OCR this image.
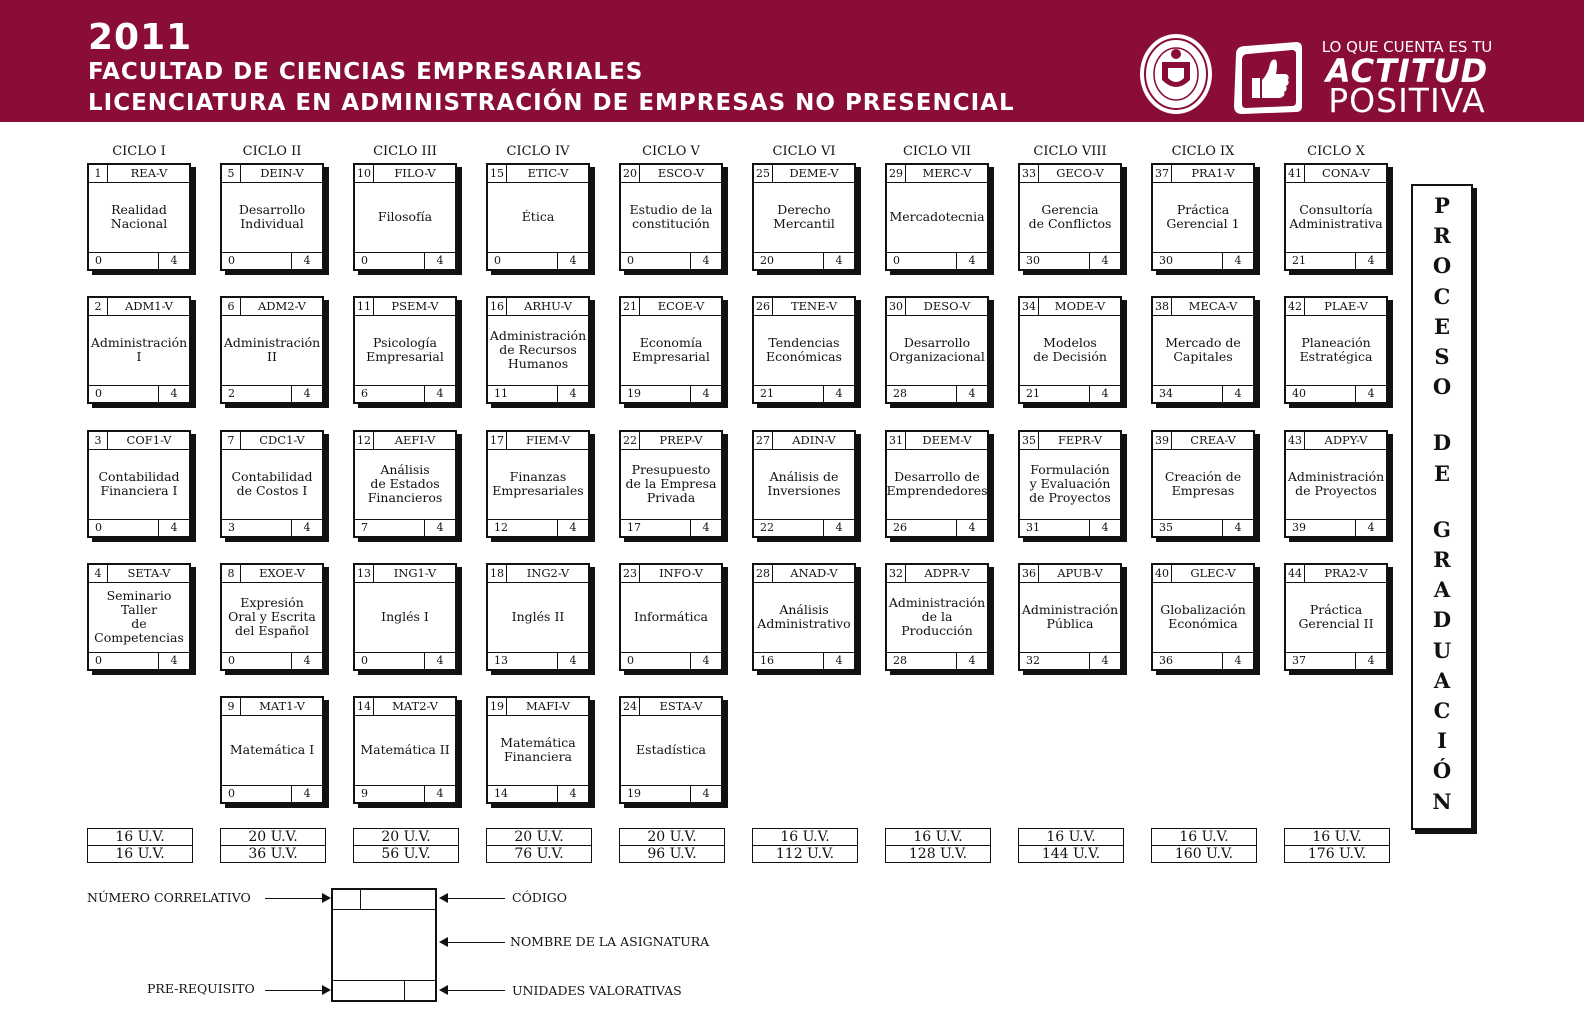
2011
FACULTAD DE CIENCIAS EMPRESARIALES
LICENCIATURA EN ADMINISTRACIÓN DE EMPRESAS NO PRESENCIAL
LO QUE CUENTA ES TU
ACTITUD
POSITIVA
CICLO I	CICLO II	CICLO III	CICLO IV	CICLO V	CICLO VI	CICLO VII	CICLO VIII	CICLO IX	CICLO X
1	REA-V
Realidad
Nacional
0	4
2	ADM1-V
Administración
I
0	4
3	COF1-V
Contabilidad
Financiera I
0	4
4	SETA-V
Seminario Taller
de Competencias
0	4
5	DEIN-V
Desarrollo
Individual
0	4
6	ADM2-V
Administración
II
2	4
7	CDC1-V
Contabilidad
de Costos I
3	4
8	EXOE-V
Expresión
Oral y Escrita
del Español
0	4
9	MAT1-V
Matemática I
0	4
10	FILO-V
Filosofía
0	4
11	PSEM-V
Psicología
Empresarial
6	4
12	AEFI-V
Análisis
de Estados
Financieros
7	4
13	ING1-V
Inglés I
0	4
14	MAT2-V
Matemática II
9	4
15	ETIC-V
Ética
0	4
16	ARHU-V
Administración
de Recursos
Humanos
11	4
17	FIEM-V
Finanzas
Empresariales
12	4
18	ING2-V
Inglés II
13	4
19	MAFI-V
Matemática
Financiera
14	4
20	ESCO-V
Estudio de la
constitución
0	4
21	ECOE-V
Economía
Empresarial
19	4
22	PREP-V
Presupuesto
de la Empresa
Privada
17	4
23	INFO-V
Informática
0	4
24	ESTA-V
Estadística
19	4
25	DEME-V
Derecho
Mercantil
20	4
26	TENE-V
Tendencias
Económicas
21	4
27	ADIN-V
Análisis de
Inversiones
22	4
28	ANAD-V
Análisis
Administrativo
16	4
29	MERC-V
Mercadotecnia
0	4
30	DESO-V
Desarrollo
Organizacional
28	4
31	DEEM-V
Desarrollo de
Emprendedores
26	4
32	ADPR-V
Administración
de la Producción
28	4
33	GECO-V
Gerencia
de Conflictos
30	4
34	MODE-V
Modelos
de Decisión
21	4
35	FEPR-V
Formulación
y Evaluación
de Proyectos
31	4
36	APUB-V
Administración
Pública
32	4
37	PRA1-V
Práctica
Gerencial 1
30	4
38	MECA-V
Mercado de
Capitales
34	4
39	CREA-V
Creación de
Empresas
35	4
40	GLEC-V
Globalización
Económica
36	4
41	CONA-V
Consultoría
Administrativa
21	4
42	PLAE-V
Planeación
Estratégica
40	4
43	ADPY-V
Administración
de Proyectos
39	4
44	PRA2-V
Práctica
Gerencial II
37	4
16 U.V.
16 U.V.
20 U.V.
36 U.V.
20 U.V.
56 U.V.
20 U.V.
76 U.V.
20 U.V.
96 U.V.
16 U.V.
112 U.V.
16 U.V.
128 U.V.
16 U.V.
144 U.V.
16 U.V.
160 U.V.
16 U.V.
176 U.V.
P
R
O
C
E
S
O
D
E
G
R
A
D
U
A
C
I
Ó
N
NÚMERO CORRELATIVO
PRE-REQUISITO
CÓDIGO
NOMBRE DE LA ASIGNATURA
UNIDADES VALORATIVAS
